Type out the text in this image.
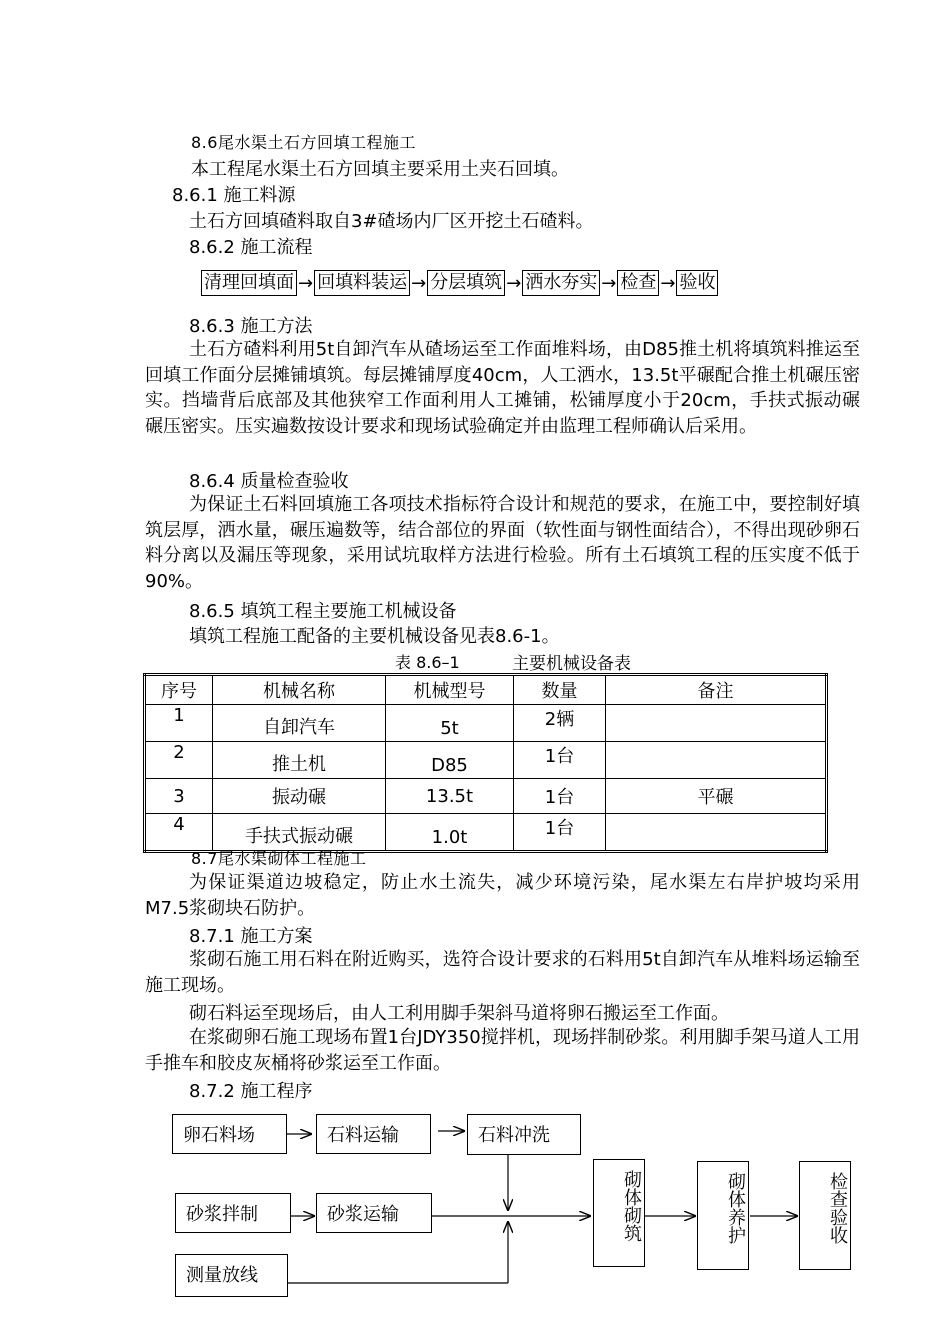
8.6尾水渠土石方回填工程施工
本工程尾水渠土石方回填主要采用土夹石回填。
8.6.1 施工料源
土石方回填碴料取自3#碴场内厂区开挖土石碴料。
8.6.2 施工流程
清理回填面 → 回填料装运 → 分层填筑 → 洒水夯实 → 检查 → 验收
8.6.3 施工方法
土石方碴料利用5t自卸汽车从碴场运至工作面堆料场，由D85推土机将填筑料推运至回填工作面分层摊铺填筑。每层摊铺厚度40cm，人工洒水，13.5t平碾配合推土机碾压密实。挡墙背后底部及其他狭窄工作面利用人工摊铺，松铺厚度小于20cm，手扶式振动碾碾压密实。压实遍数按设计要求和现场试验确定并由监理工程师确认后采用。
8.6.4 质量检查验收
为保证土石料回填施工各项技术指标符合设计和规范的要求，在施工中，要控制好填筑层厚，洒水量，碾压遍数等，结合部位的界面（软性面与钢性面结合），不得出现砂卵石料分离以及漏压等现象，采用试坑取样方法进行检验。所有土石填筑工程的压实度不低于90%。
8.6.5 填筑工程主要施工机械设备
填筑工程施工配备的主要机械设备见表8.6-1。
表 8.6–1	主要机械设备表
序号	机械名称	机械型号	数量	备注
1	自卸汽车	5t	2辆	
2	推土机	D85	1台	
3	振动碾	13.5t	1台	平碾
4	手扶式振动碾	1.0t	1台	
8.7尾水渠砌体工程施工
为保证渠道边坡稳定，防止水土流失，减少环境污染，尾水渠左右岸护坡均采用M7.5浆砌块石防护。
8.7.1 施工方案
浆砌石施工用石料在附近购买，选符合设计要求的石料用5t自卸汽车从堆料场运输至施工现场。
砌石料运至现场后，由人工利用脚手架斜马道将卵石搬运至工作面。
在浆砌卵石施工现场布置1台JDY350搅拌机，现场拌制砂浆。利用脚手架马道人工用手推车和胶皮灰桶将砂浆运至工作面。
8.7.2 施工程序
卵石料场	石料运输	石料冲洗
砂浆拌制	砂浆运输
测量放线
砌体砌筑	砌体养护	检查验收
